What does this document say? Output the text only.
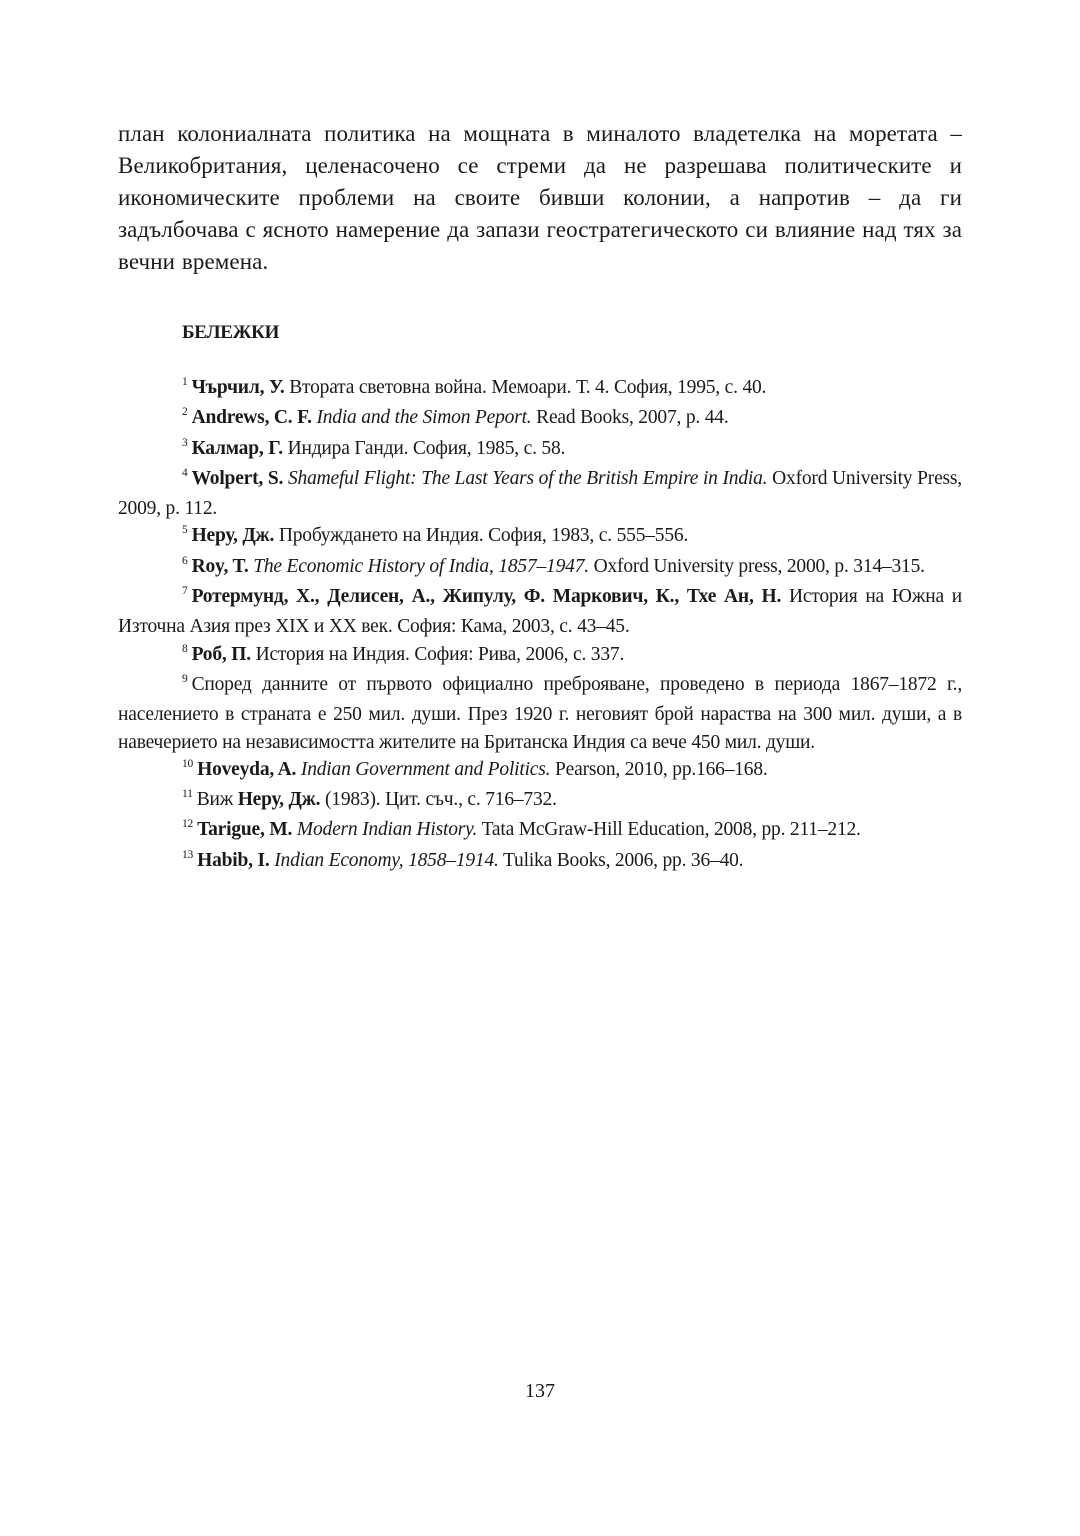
план колониалната политика на мощната в миналото владетелка на моретата – Великобритания, целенасочено се стреми да не разрешава политическите и икономическите проблеми на своите бивши колонии, а напротив – да ги задълбочава с ясното намерение да запази геостратегическото си влияние над тях за вечни времена.

БЕЛЕЖКИ

$^1$ Чърчил, У. Втората световна война. Мемоари. Т. 4. София, 1995, с. 40.

$^2$ Andrews, C. F. India and the Simon Peport. Read Books, 2007, p. 44.

$^3$ Калмар, Г. Индира Ганди. София, 1985, с. 58.

$^4$ Wolpert, S. Shameful Flight: The Last Years of the British Empire in India. Oxford University Press, 2009, p. 112.

$^5$ Неру, Дж. Пробуждането на Индия. София, 1983, с. 555–556.

$^6$ Roy, T. The Economic History of India, 1857–1947. Oxford University press, 2000, p. 314–315.

$^7$ Ротермунд, Х., Делисен, А., Жипулу, Ф. Маркович, К., Тхе Ан, Н. История на Южна и Източна Азия през XIX и XX век. София: Кама, 2003, с. 43–45.

$^8$ Роб, П. История на Индия. София: Рива, 2006, с. 337.

$^9$ Според данните от първото официално преброяване, проведено в периода 1867–1872 г., населението в страната е 250 мил. души. През 1920 г. неговият брой нараства на 300 мил. души, а в навечерието на независимостта жителите на Британска Индия са вече 450 мил. души.

$^{10}$ Hoveyda, A. Indian Government and Politics. Pearson, 2010, pp.166–168.

$^{11}$ Виж Неру, Дж. (1983). Цит. съч., с. 716–732.

$^{12}$ Tarigue, M. Modern Indian History. Tata McGraw-Hill Education, 2008, pp. 211–212.

$^{13}$ Habib, I. Indian Economy, 1858–1914. Tulika Books, 2006, pp. 36–40.

137
